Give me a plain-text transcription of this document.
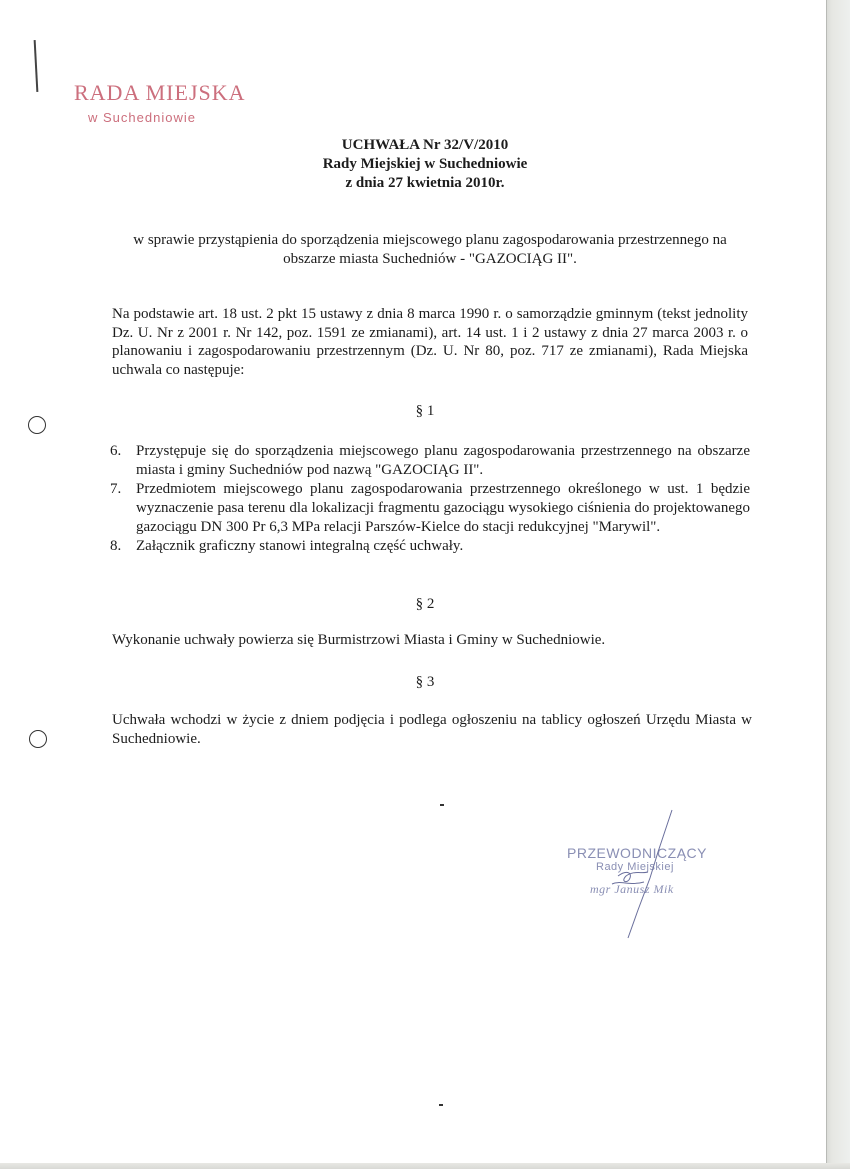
RADA MIEJSKA
w Suchedniowie
UCHWAŁA Nr 32/V/2010
Rady Miejskiej w Suchedniowie
z dnia 27 kwietnia 2010r.
w sprawie przystąpienia do sporządzenia miejscowego planu zagospodarowania przestrzennego na obszarze miasta Suchedniów - "GAZOCIĄG II".
Na podstawie art. 18 ust. 2 pkt 15 ustawy z dnia 8 marca 1990 r. o samorządzie gminnym (tekst jednolity Dz. U. Nr z 2001 r. Nr 142, poz. 1591 ze zmianami), art. 14 ust. 1 i 2 ustawy z dnia 27 marca 2003 r. o planowaniu i zagospodarowaniu przestrzennym (Dz. U. Nr 80, poz. 717 ze zmianami), Rada Miejska uchwala co następuje:
§ 1
6. Przystępuje się do sporządzenia miejscowego planu zagospodarowania przestrzennego na obszarze miasta i gminy Suchedniów pod nazwą "GAZOCIĄG II".
7. Przedmiotem miejscowego planu zagospodarowania przestrzennego określonego w ust. 1 będzie wyznaczenie pasa terenu dla lokalizacji fragmentu gazociągu wysokiego ciśnienia do projektowanego gazociągu DN 300 Pr 6,3 MPa relacji Parszów-Kielce do stacji redukcyjnej "Marywil".
8. Załącznik graficzny stanowi integralną część uchwały.
§ 2
Wykonanie uchwały powierza się Burmistrzowi Miasta i Gminy w Suchedniowie.
§ 3
Uchwała wchodzi w życie z dniem podjęcia i podlega ogłoszeniu na tablicy ogłoszeń Urzędu Miasta w Suchedniowie.
PRZEWODNICZĄCY
Rady Miejskiej
mgr Janusz Mik
